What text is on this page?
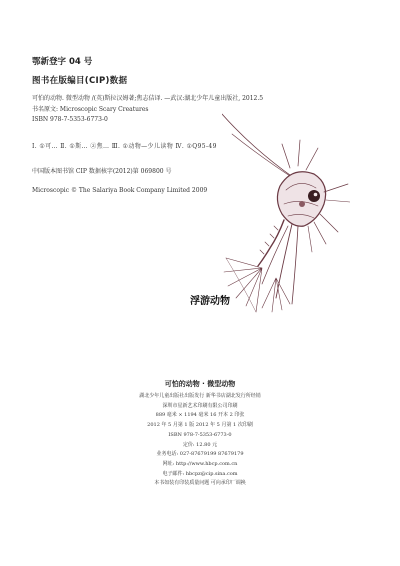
鄂新登字 04 号
图书在版编目(CIP)数据
可怕的动物. 微型动物 /(英)斯拉汉姆著;焦志佶译. —武汉:湖北少年儿童出版社, 2012.5
书名原文: Microscopic Scary Creatures
ISBN 978-7-5353-6773-0
Ⅰ. ①可… Ⅱ. ①斯… ②焦… Ⅲ. ①动物—少儿读物 Ⅳ. ①Q95-49
中国版本图书馆 CIP 数据核字(2012)第 069800 号
Microscopic © The Salariya Book Company Limited 2009
浮游动物
可怕的动物 · 微型动物
湖北少年儿童出版社出版发行 新华书店湖北发行所经销
深圳市星新艺术印刷有限公司印刷
889 毫米 × 1194 毫米 16 开本 2 印张
2012 年 5 月第 1 版 2012 年 5 月第 1 次印刷
ISBN 978-7-5353-6773-0
定价: 12.80 元
业务电话: 027-87679199 87679179
网址: http://www.hbcp.com.cn
电子邮件: hbcpz@cip.sina.com
本书如装有印装质量问题 可向承印厂调换
